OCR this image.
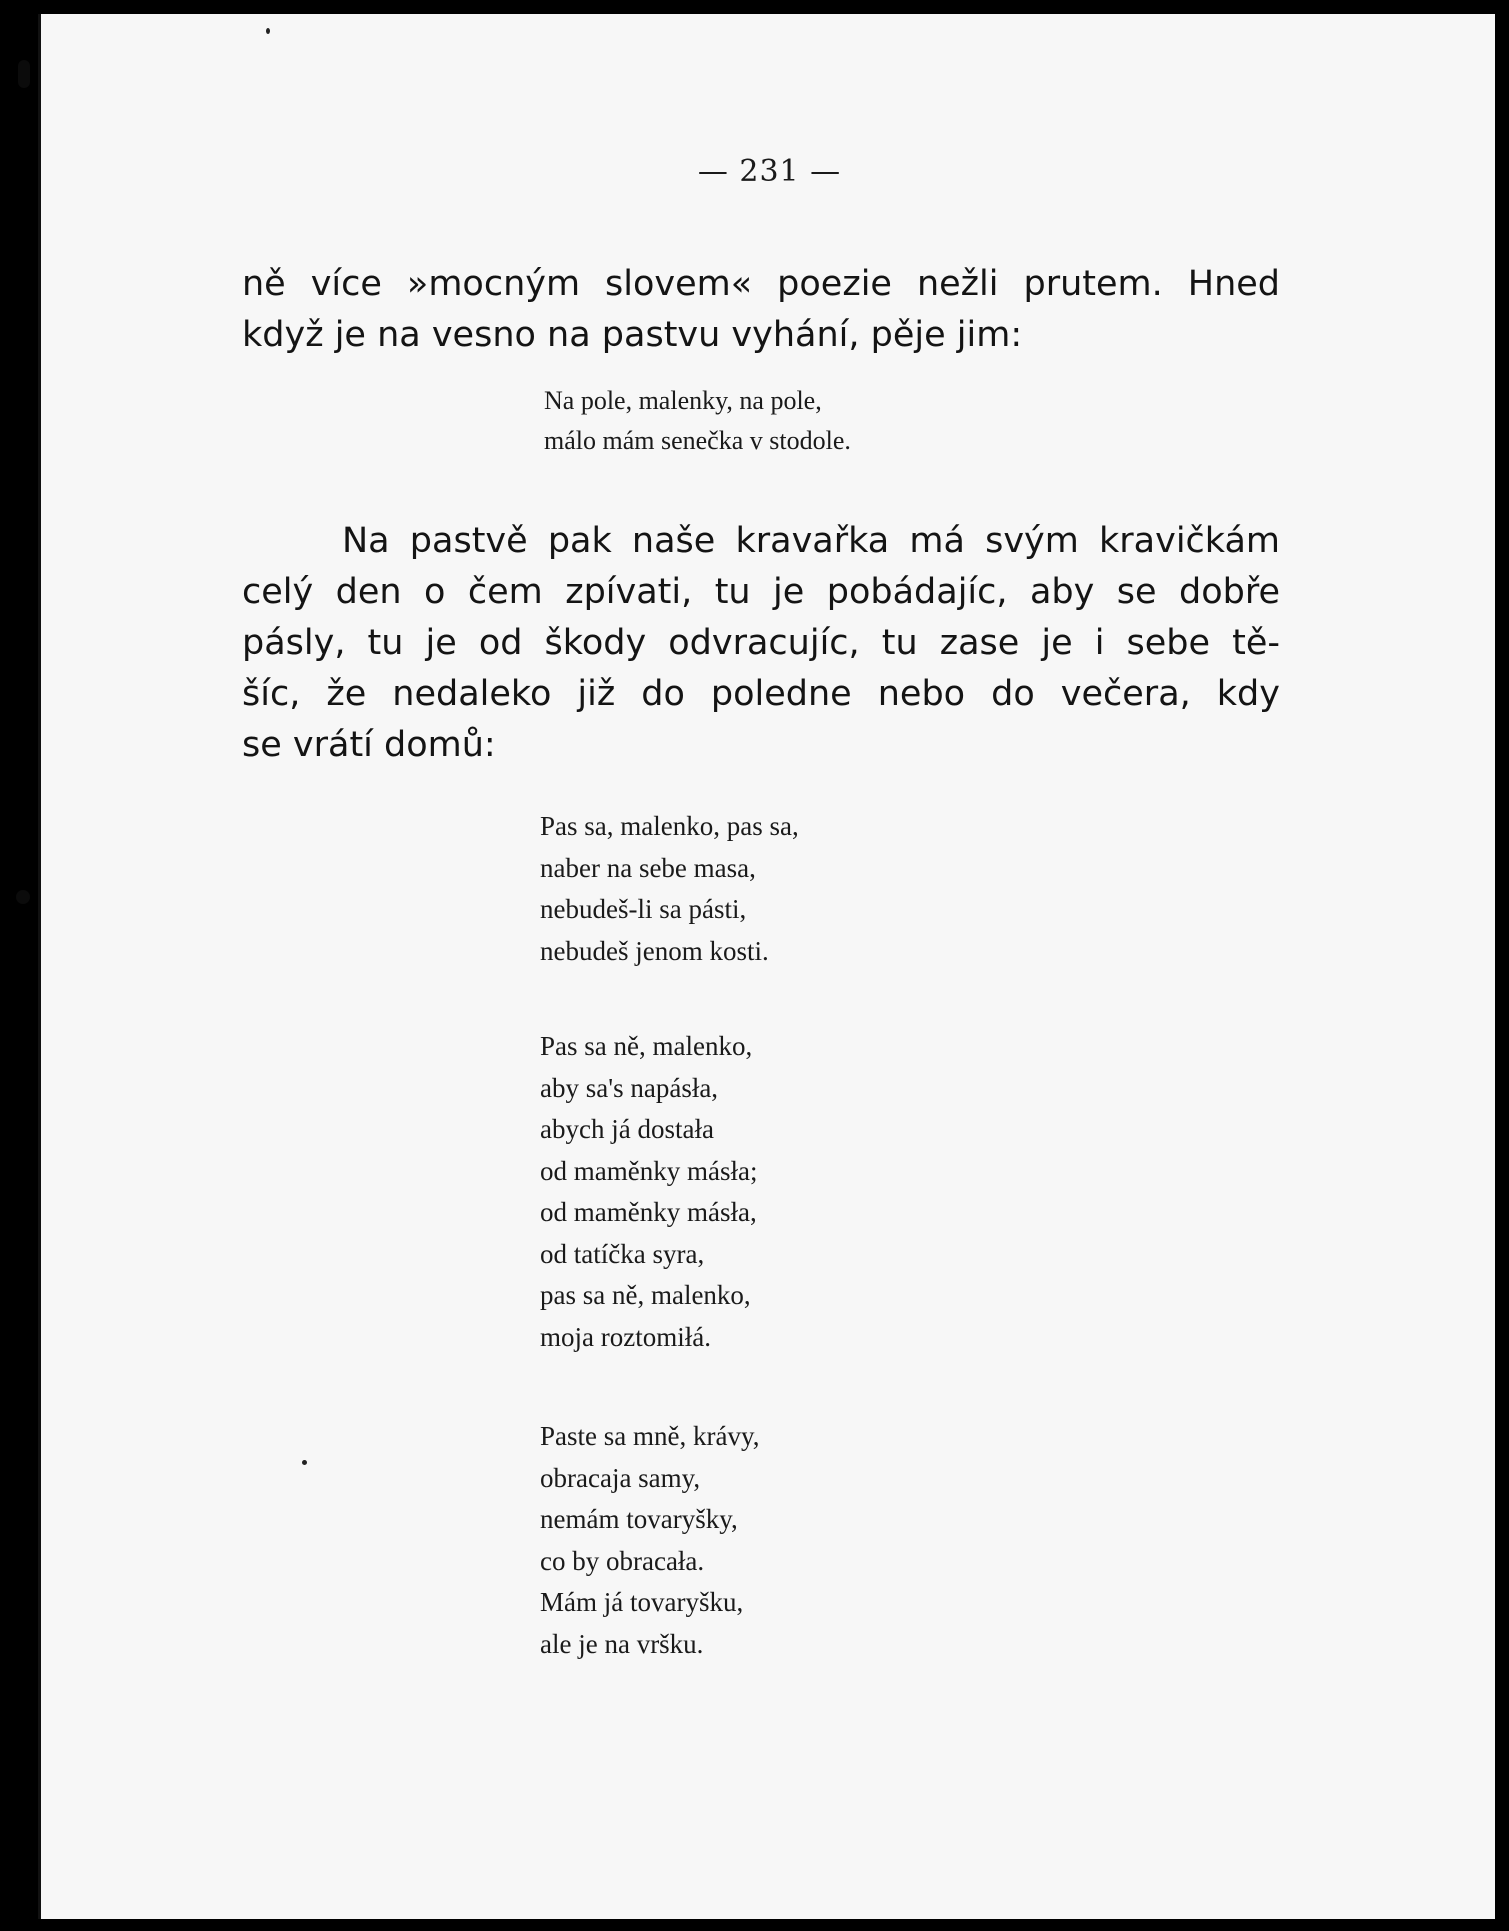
— 231 —
ně více »mocným slovem« poezie nežli prutem. Hned
když je na vesno na pastvu vyhání, pěje jim:
Na pole, malenky, na pole,
málo mám senečka v stodole.
Na pastvě pak naše kravařka má svým kravičkám
celý den o čem zpívati, tu je pobádajíc, aby se dobře
pásly, tu je od škody odvracujíc, tu zase je i sebe tě-
šíc, že nedaleko již do poledne nebo do večera, kdy
se vrátí domů:
Pas sa, malenko, pas sa,
naber na sebe masa,
nebudeš-li sa pásti,
nebudeš jenom kosti.
Pas sa ně, malenko,
aby sa's napásła,
abych já dostała
od maměnky másła;
od maměnky másła,
od tatíčka syra,
pas sa ně, malenko,
moja roztomiłá.
Paste sa mně, krávy,
obracaja samy,
nemám tovaryšky,
co by obracała.
Mám já tovaryšku,
ale je na vršku.
